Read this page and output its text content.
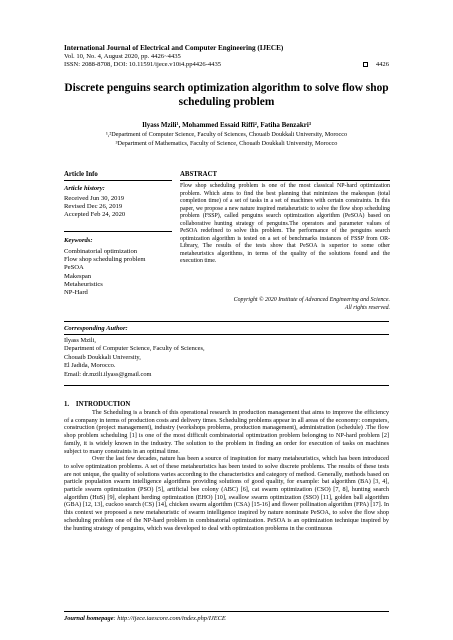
International Journal of Electrical and Computer Engineering (IJECE)
Vol. 10, No. 4, August 2020, pp. 4426~4435
ISSN: 2088-8708, DOI: 10.11591/ijece.v10i4.pp4426-4435	4426
Discrete penguins search optimization algorithm to solve flow shop scheduling problem
Ilyass Mzili¹, Mohammed Essaid Riffi², Fatiha Benzakri³
¹,²Department of Computer Science, Faculty of Sciences, Chouaib Doukkali University, Morocco
³Department of Mathematics, Faculty of Science, Chouaib Doukkali University, Morocco
Article Info
Article history:
Received Jun 30, 2019
Revised Dec 26, 2019
Accepted Feb 24, 2020
Keywords:
Combinatorial optimization
Flow shop scheduling problem
PeSOA
Makespan
Metaheuristics
NP-Hard
ABSTRACT
Flow shop scheduling problem is one of the most classical NP-hard optimization problem. Which aims to find the best planning that minimizes the makespan (total completion time) of a set of tasks in a set of machines with certain constraints. In this paper, we propose a new nature inspired metaheuristic to solve the flow shop scheduling problem (FSSP), called penguins search optimization algorithm (PeSOA) based on collaborative hunting strategy of penguins.The operators and parameter values of PeSOA redefined to solve this problem. The performance of the penguins search optimization algorithm is tested on a set of benchmarks instances of FSSP from OR-Library, The results of the tests show that PeSOA is superior to some other metaheuristics algorithms, in terms of the quality of the solutions found and the execution time.
Copyright © 2020 Institute of Advanced Engineering and Science.
All rights reserved.
Corresponding Author:
Ilyass Mzili,
Department of Computer Science, Faculty of Sciences,
Chouaib Doukkali University,
El Jadida, Morocco.
Email: dr.mzili.ilyass@gmail.com
1.    INTRODUCTION

The Scheduling is a branch of this operational research in production management that aims to improve the efficiency of a company in terms of production costs and delivery times. Scheduling problems appear in all areas of the economy: computers, construction (project management), industry (workshops problems, production management), administration (schedule) .The flow shop problem scheduling [1] is one of the most difficult combinatorial optimization problem belonging to NP-hard problem [2] family, it is widely known in the industry. The solution to the problem in finding an order for execution of tasks on machines subject to many constraints in an optimal time.

Over the last few decades, nature has been a source of inspiration for many metaheuristics, which has been introduced to solve optimization problems. A set of these metaheuristics has been tested to solve discrete problems. The results of these tests are not unique, the quality of solutions varies according to the characteristics and category of method. Generally, methods based on particle population swarm intelligence algorithms providing solutions of good quality, for example: bat algorithm (BA) [3, 4], particle swarm optimization (PSO) [5], artificial bee colony (ABC) [6], cat swarm optimization (CSO) [7, 8], hunting search algorithm (HuS) [9], elephant herding optimization (EHO) [10], swallow swarm optimization (SSO) [11], golden ball algorithm (GBA) [12, 13], cuckoo search (CS) [14], chicken swarm algorithm (CSA) [15-16] and flower pollination algorithm (FPA) [17]. In this context we proposed a new metaheuristic of swarm intelligence inspired by nature nominate PeSOA, to solve the flow shop scheduling problem one of the NP-hard problem in combinatorial optimization. PeSOA is an optimization technique inspired by the hunting strategy of penguins, which was developed to deal with optimization problems in the continuous

Journal homepage: http://ijece.iaescore.com/index.php/IJECE
